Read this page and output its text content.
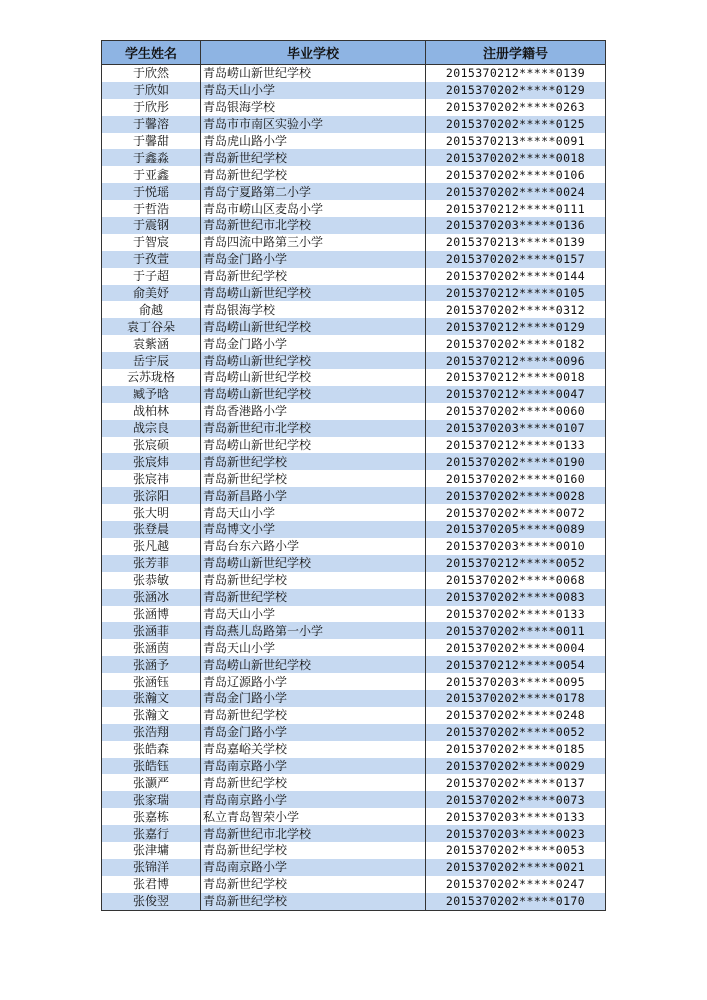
学生姓名	毕业学校	注册学籍号
于欣然	青岛崂山新世纪学校	2015370212*****0139
于欣如	青岛天山小学	2015370202*****0129
于欣彤	青岛银海学校	2015370202*****0263
于馨溶	青岛市市南区实验小学	2015370202*****0125
于馨甜	青岛虎山路小学	2015370213*****0091
于鑫淼	青岛新世纪学校	2015370202*****0018
于亚鑫	青岛新世纪学校	2015370202*****0106
于悦瑶	青岛宁夏路第二小学	2015370202*****0024
于哲浩	青岛市崂山区麦岛小学	2015370212*****0111
于震钢	青岛新世纪市北学校	2015370203*****0136
于智宸	青岛四流中路第三小学	2015370213*****0139
于孜萱	青岛金门路小学	2015370202*****0157
于子超	青岛新世纪学校	2015370202*****0144
俞美妤	青岛崂山新世纪学校	2015370212*****0105
俞越	青岛银海学校	2015370202*****0312
袁丁谷朵	青岛崂山新世纪学校	2015370212*****0129
袁紫涵	青岛金门路小学	2015370202*****0182
岳宇辰	青岛崂山新世纪学校	2015370212*****0096
云苏珑格	青岛崂山新世纪学校	2015370212*****0018
臧予晗	青岛崂山新世纪学校	2015370212*****0047
战柏林	青岛香港路小学	2015370202*****0060
战宗良	青岛新世纪市北学校	2015370203*****0107
张宸硕	青岛崂山新世纪学校	2015370212*****0133
张宸炜	青岛新世纪学校	2015370202*****0190
张宸祎	青岛新世纪学校	2015370202*****0160
张淙阳	青岛新昌路小学	2015370202*****0028
张大明	青岛天山小学	2015370202*****0072
张登晨	青岛博文小学	2015370205*****0089
张凡越	青岛台东六路小学	2015370203*****0010
张芳菲	青岛崂山新世纪学校	2015370212*****0052
张恭敏	青岛新世纪学校	2015370202*****0068
张涵冰	青岛新世纪学校	2015370202*****0083
张涵博	青岛天山小学	2015370202*****0133
张涵菲	青岛燕儿岛路第一小学	2015370202*****0011
张涵茵	青岛天山小学	2015370202*****0004
张涵予	青岛崂山新世纪学校	2015370212*****0054
张涵钰	青岛辽源路小学	2015370203*****0095
张瀚文	青岛金门路小学	2015370202*****0178
张瀚文	青岛新世纪学校	2015370202*****0248
张浩翔	青岛金门路小学	2015370202*****0052
张皓森	青岛嘉峪关学校	2015370202*****0185
张皓钰	青岛南京路小学	2015370202*****0029
张灏严	青岛新世纪学校	2015370202*****0137
张家瑞	青岛南京路小学	2015370202*****0073
张嘉栋	私立青岛智荣小学	2015370203*****0133
张嘉行	青岛新世纪市北学校	2015370203*****0023
张津墉	青岛新世纪学校	2015370202*****0053
张锦洋	青岛南京路小学	2015370202*****0021
张君博	青岛新世纪学校	2015370202*****0247
张俊翌	青岛新世纪学校	2015370202*****0170
